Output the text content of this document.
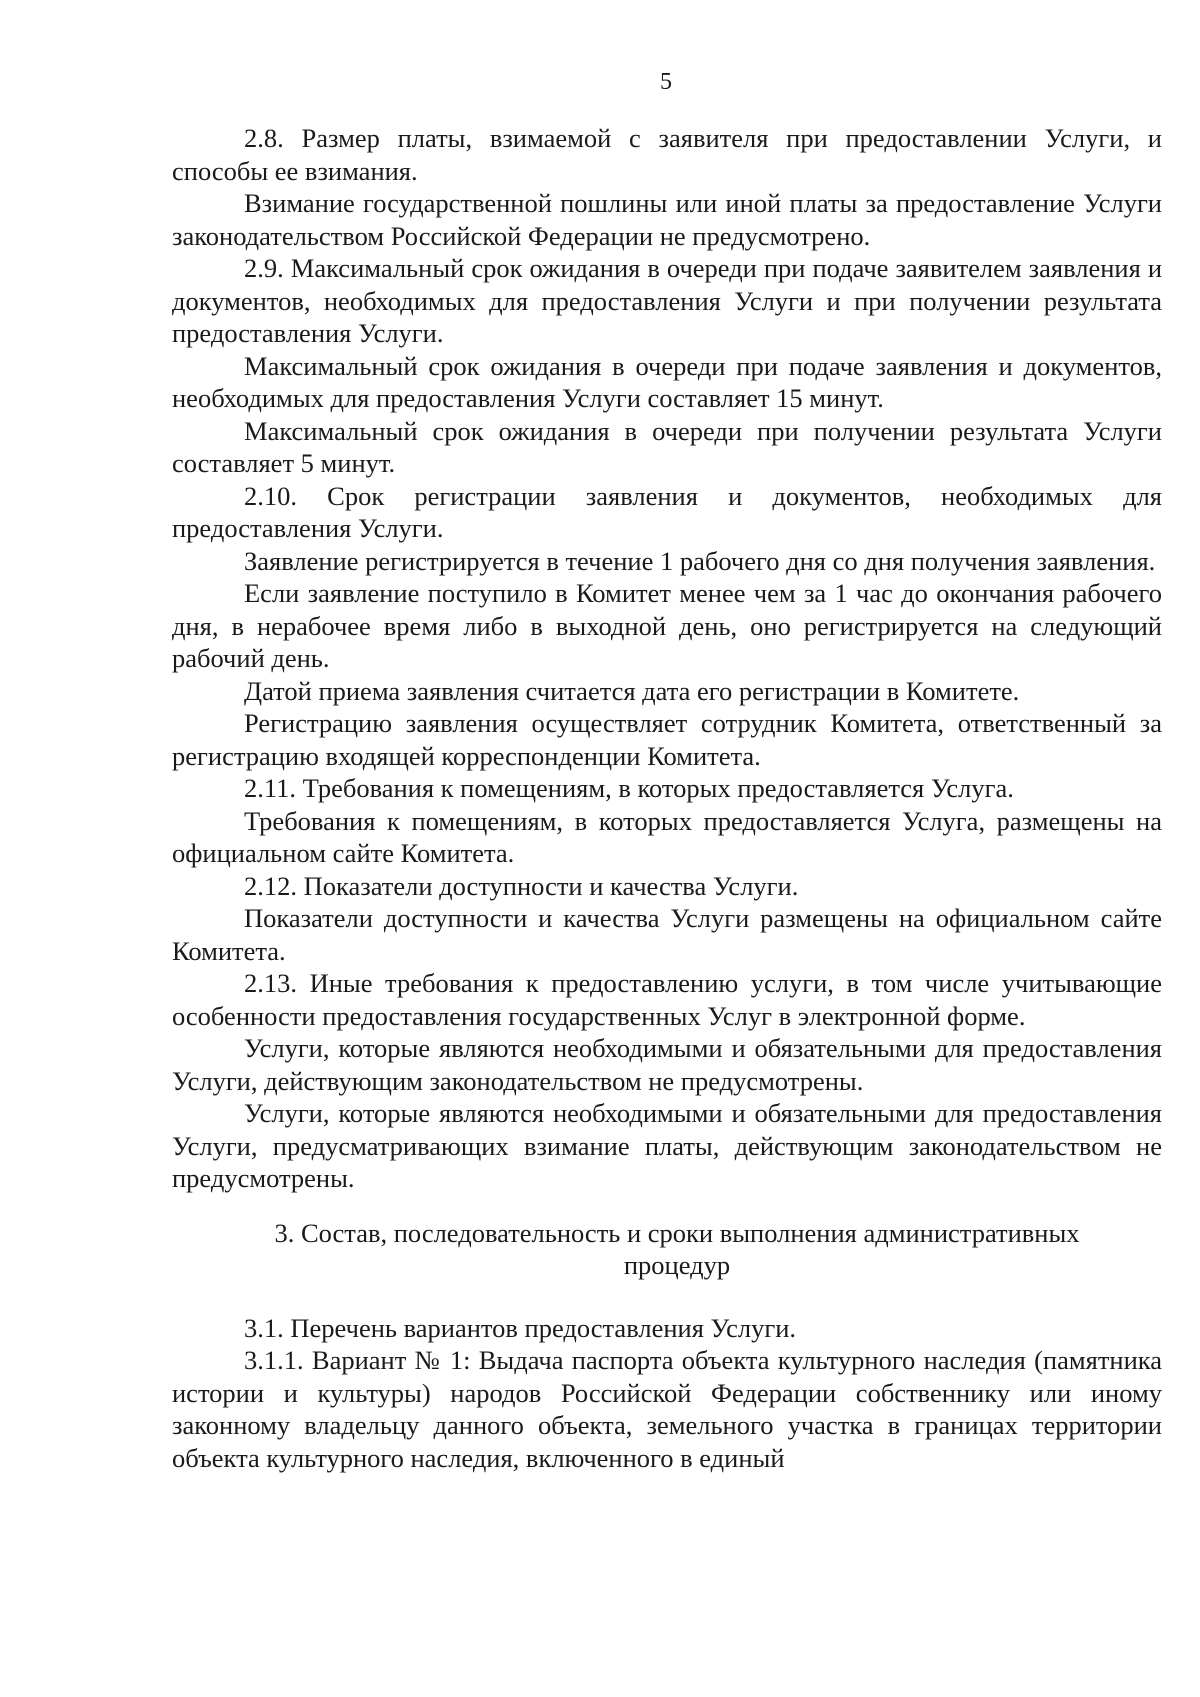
5

2.8. Размер платы, взимаемой с заявителя при предоставлении Услуги, и способы ее взимания.

Взимание государственной пошлины или иной платы за предоставление Услуги законодательством Российской Федерации не предусмотрено.

2.9. Максимальный срок ожидания в очереди при подаче заявителем заявления и документов, необходимых для предоставления Услуги и при получении результата предоставления Услуги.

Максимальный срок ожидания в очереди при подаче заявления и документов, необходимых для предоставления Услуги составляет 15 минут.

Максимальный срок ожидания в очереди при получении результата Услуги составляет 5 минут.

2.10. Срок регистрации заявления и документов, необходимых для предоставления Услуги.

Заявление регистрируется в течение 1 рабочего дня со дня получения заявления.

Если заявление поступило в Комитет менее чем за 1 час до окончания рабочего дня, в нерабочее время либо в выходной день, оно регистрируется на следующий рабочий день.

Датой приема заявления считается дата его регистрации в Комитете.

Регистрацию заявления осуществляет сотрудник Комитета, ответственный за регистрацию входящей корреспонденции Комитета.

2.11. Требования к помещениям, в которых предоставляется Услуга.

Требования к помещениям, в которых предоставляется Услуга, размещены на официальном сайте Комитета.

2.12. Показатели доступности и качества Услуги.

Показатели доступности и качества Услуги размещены на официальном сайте Комитета.

2.13. Иные требования к предоставлению услуги, в том числе учитывающие особенности предоставления государственных Услуг в электронной форме.

Услуги, которые являются необходимыми и обязательными для предоставления Услуги, действующим законодательством не предусмотрены.

Услуги, которые являются необходимыми и обязательными для предоставления Услуги, предусматривающих взимание платы, действующим законодательством не предусмотрены.

3. Состав, последовательность и сроки выполнения административных
процедур

3.1. Перечень вариантов предоставления Услуги.

3.1.1. Вариант № 1: Выдача паспорта объекта культурного наследия (памятника истории и культуры) народов Российской Федерации собственнику или иному законному владельцу данного объекта, земельного участка в границах территории объекта культурного наследия, включенного в единый
